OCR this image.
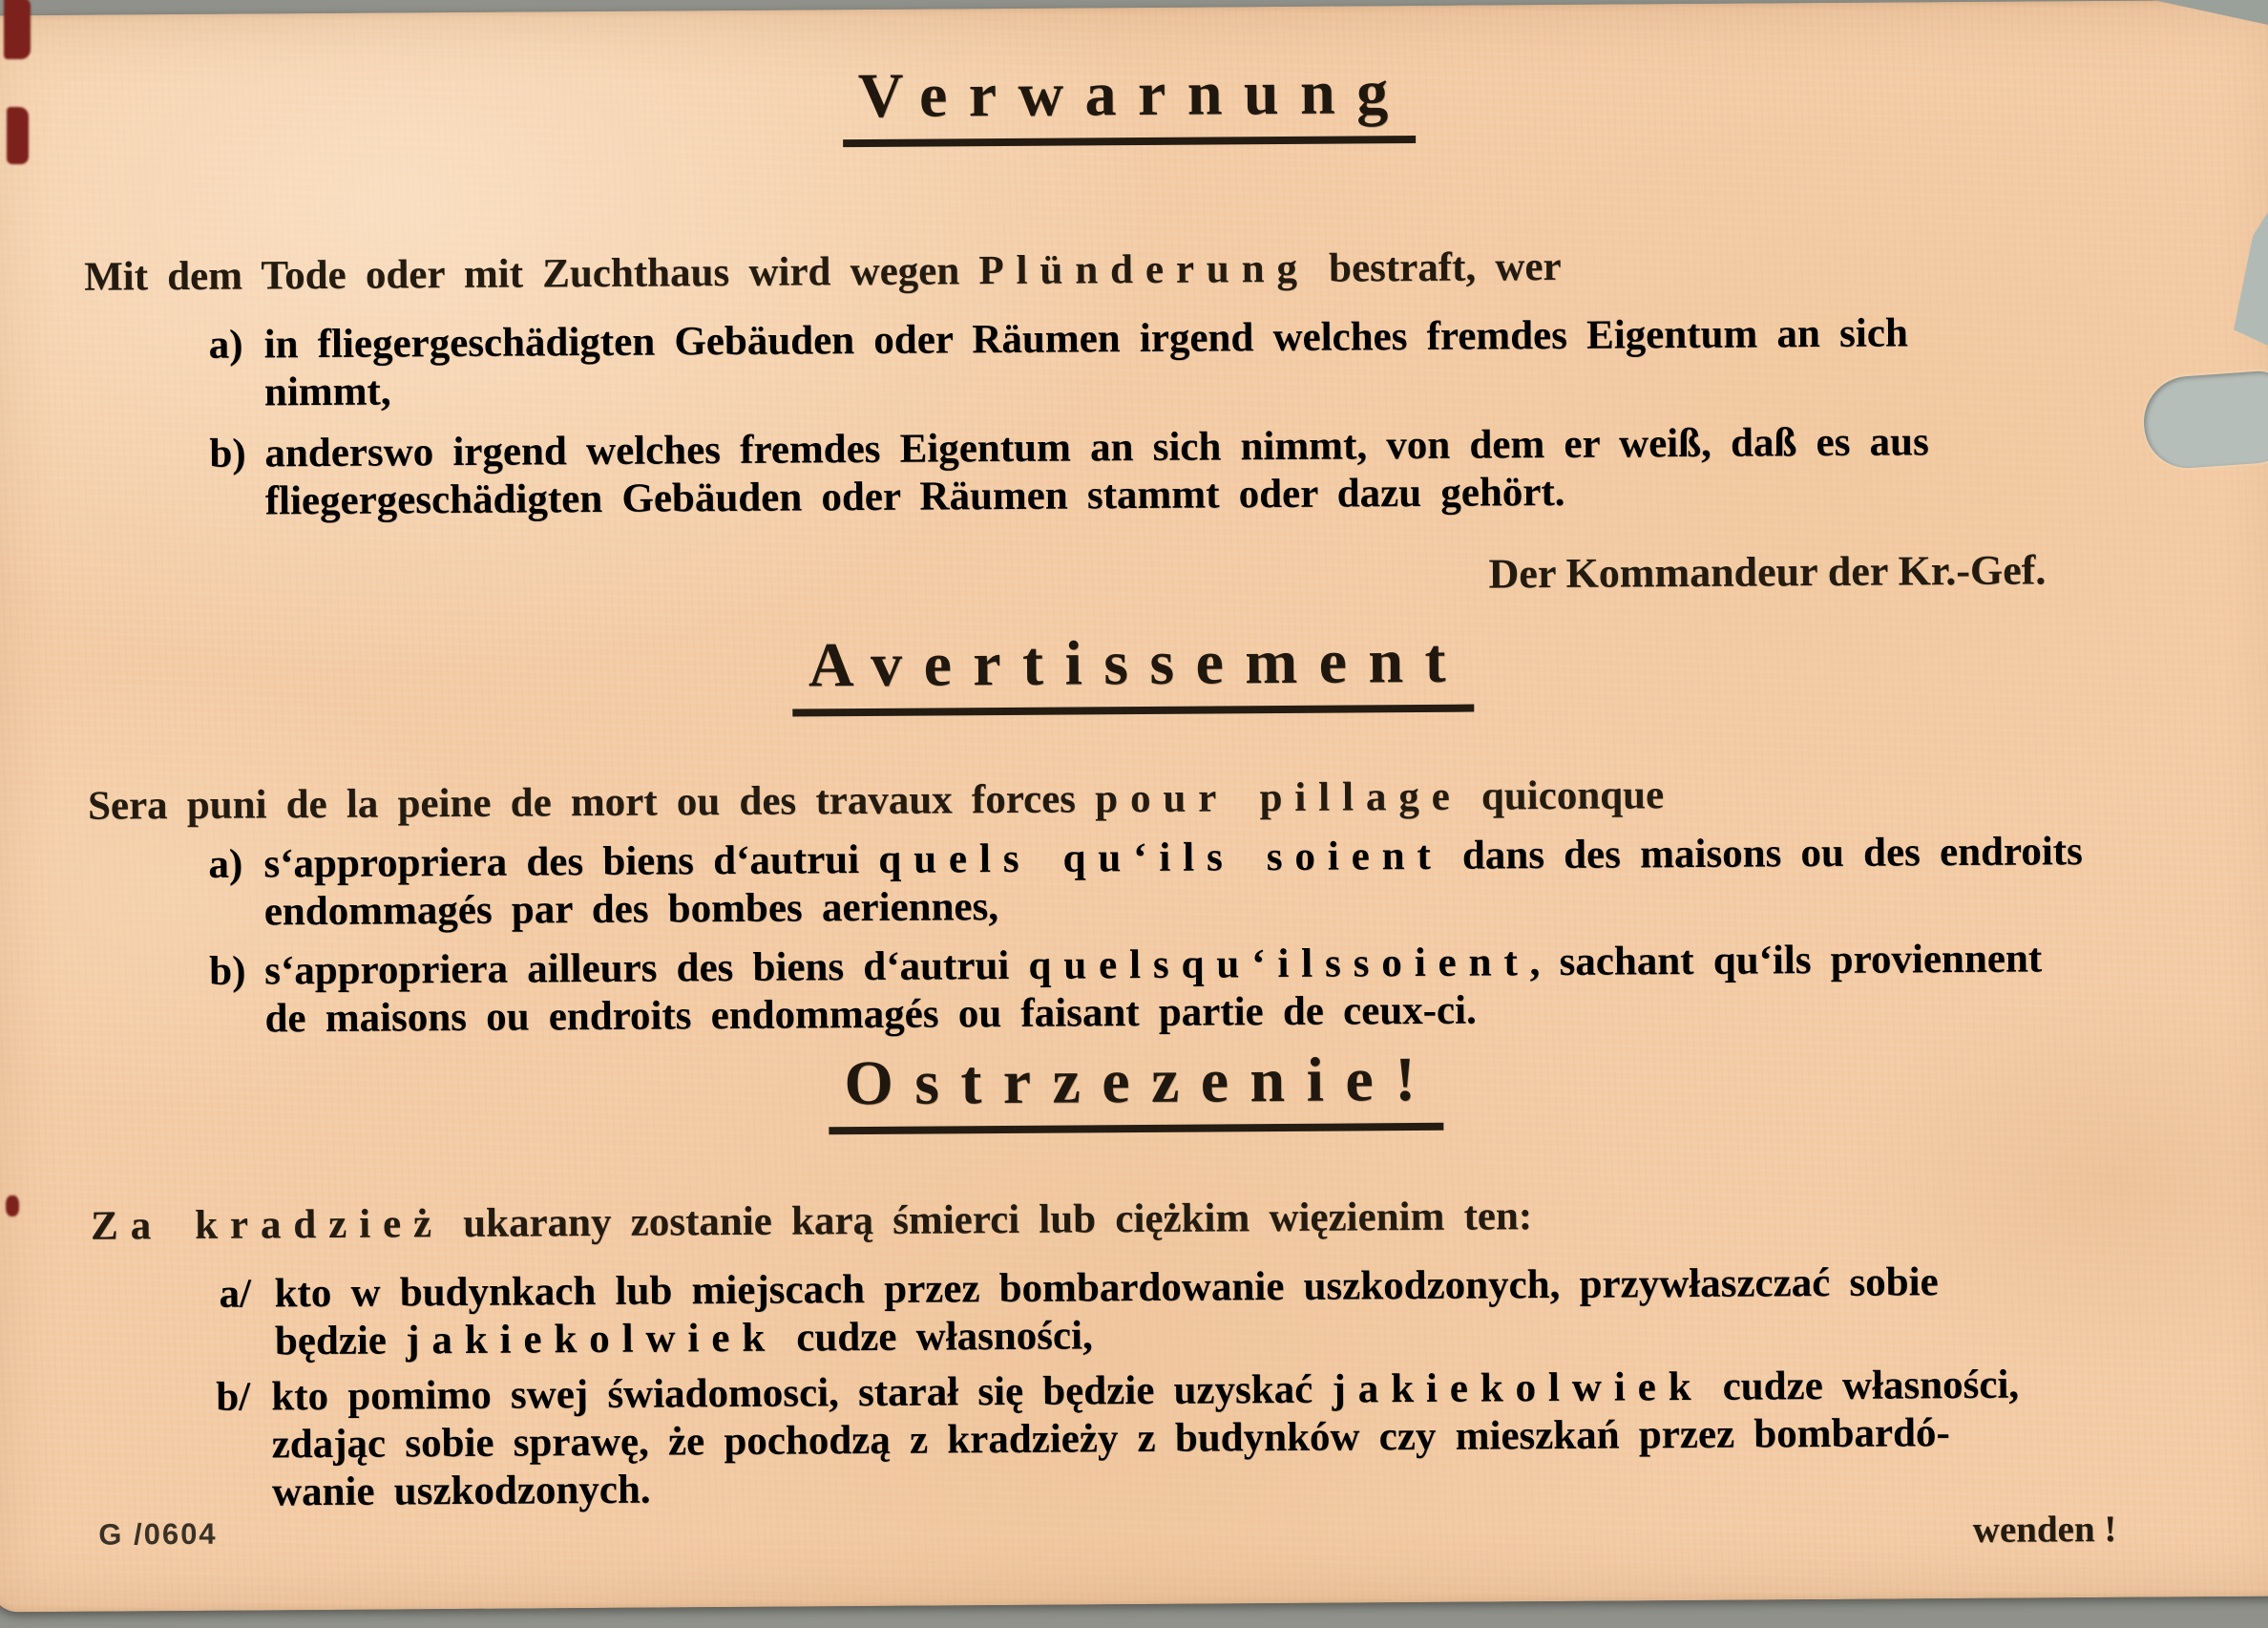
Verwarnung
Mit dem Tode oder mit Zuchthaus wird wegen Plünderung bestraft, wer
a) in fliegergeschädigten Gebäuden oder Räumen irgend welches fremdes Eigentum an sich
nimmt,
b) anderswo irgend welches fremdes Eigentum an sich nimmt, von dem er weiß, daß es aus
fliegergeschädigten Gebäuden oder Räumen stammt oder dazu gehört.
Der Kommandeur der Kr.-Gef.
Avertissement
Sera puni de la peine de mort ou des travaux forces pour pillage quiconque
a) s‘appropriera des biens d‘autrui quels qu‘ils soient dans des maisons ou des endroits
endommagés par des bombes aeriennes,
b) s‘appropriera ailleurs des biens d‘autrui quelsqu‘ilssoient, sachant qu‘ils proviennent
de maisons ou endroits endommagés ou faisant partie de ceux-ci.
Ostrzezenie!
Za kradzież ukarany zostanie karą śmierci lub ciężkim więzienim ten:
a/ kto w budynkach lub miejscach przez bombardowanie uszkodzonych, przywłaszczać sobie
będzie jakiekolwiek cudze własności,
b/ kto pomimo swej świadomosci, starał się będzie uzyskać jakiekolwiek cudze własności,
zdając sobie sprawę, że pochodzą z kradzieży z budynków czy mieszkań przez bombardó-
wanie uszkodzonych.
G /0604	wenden !
